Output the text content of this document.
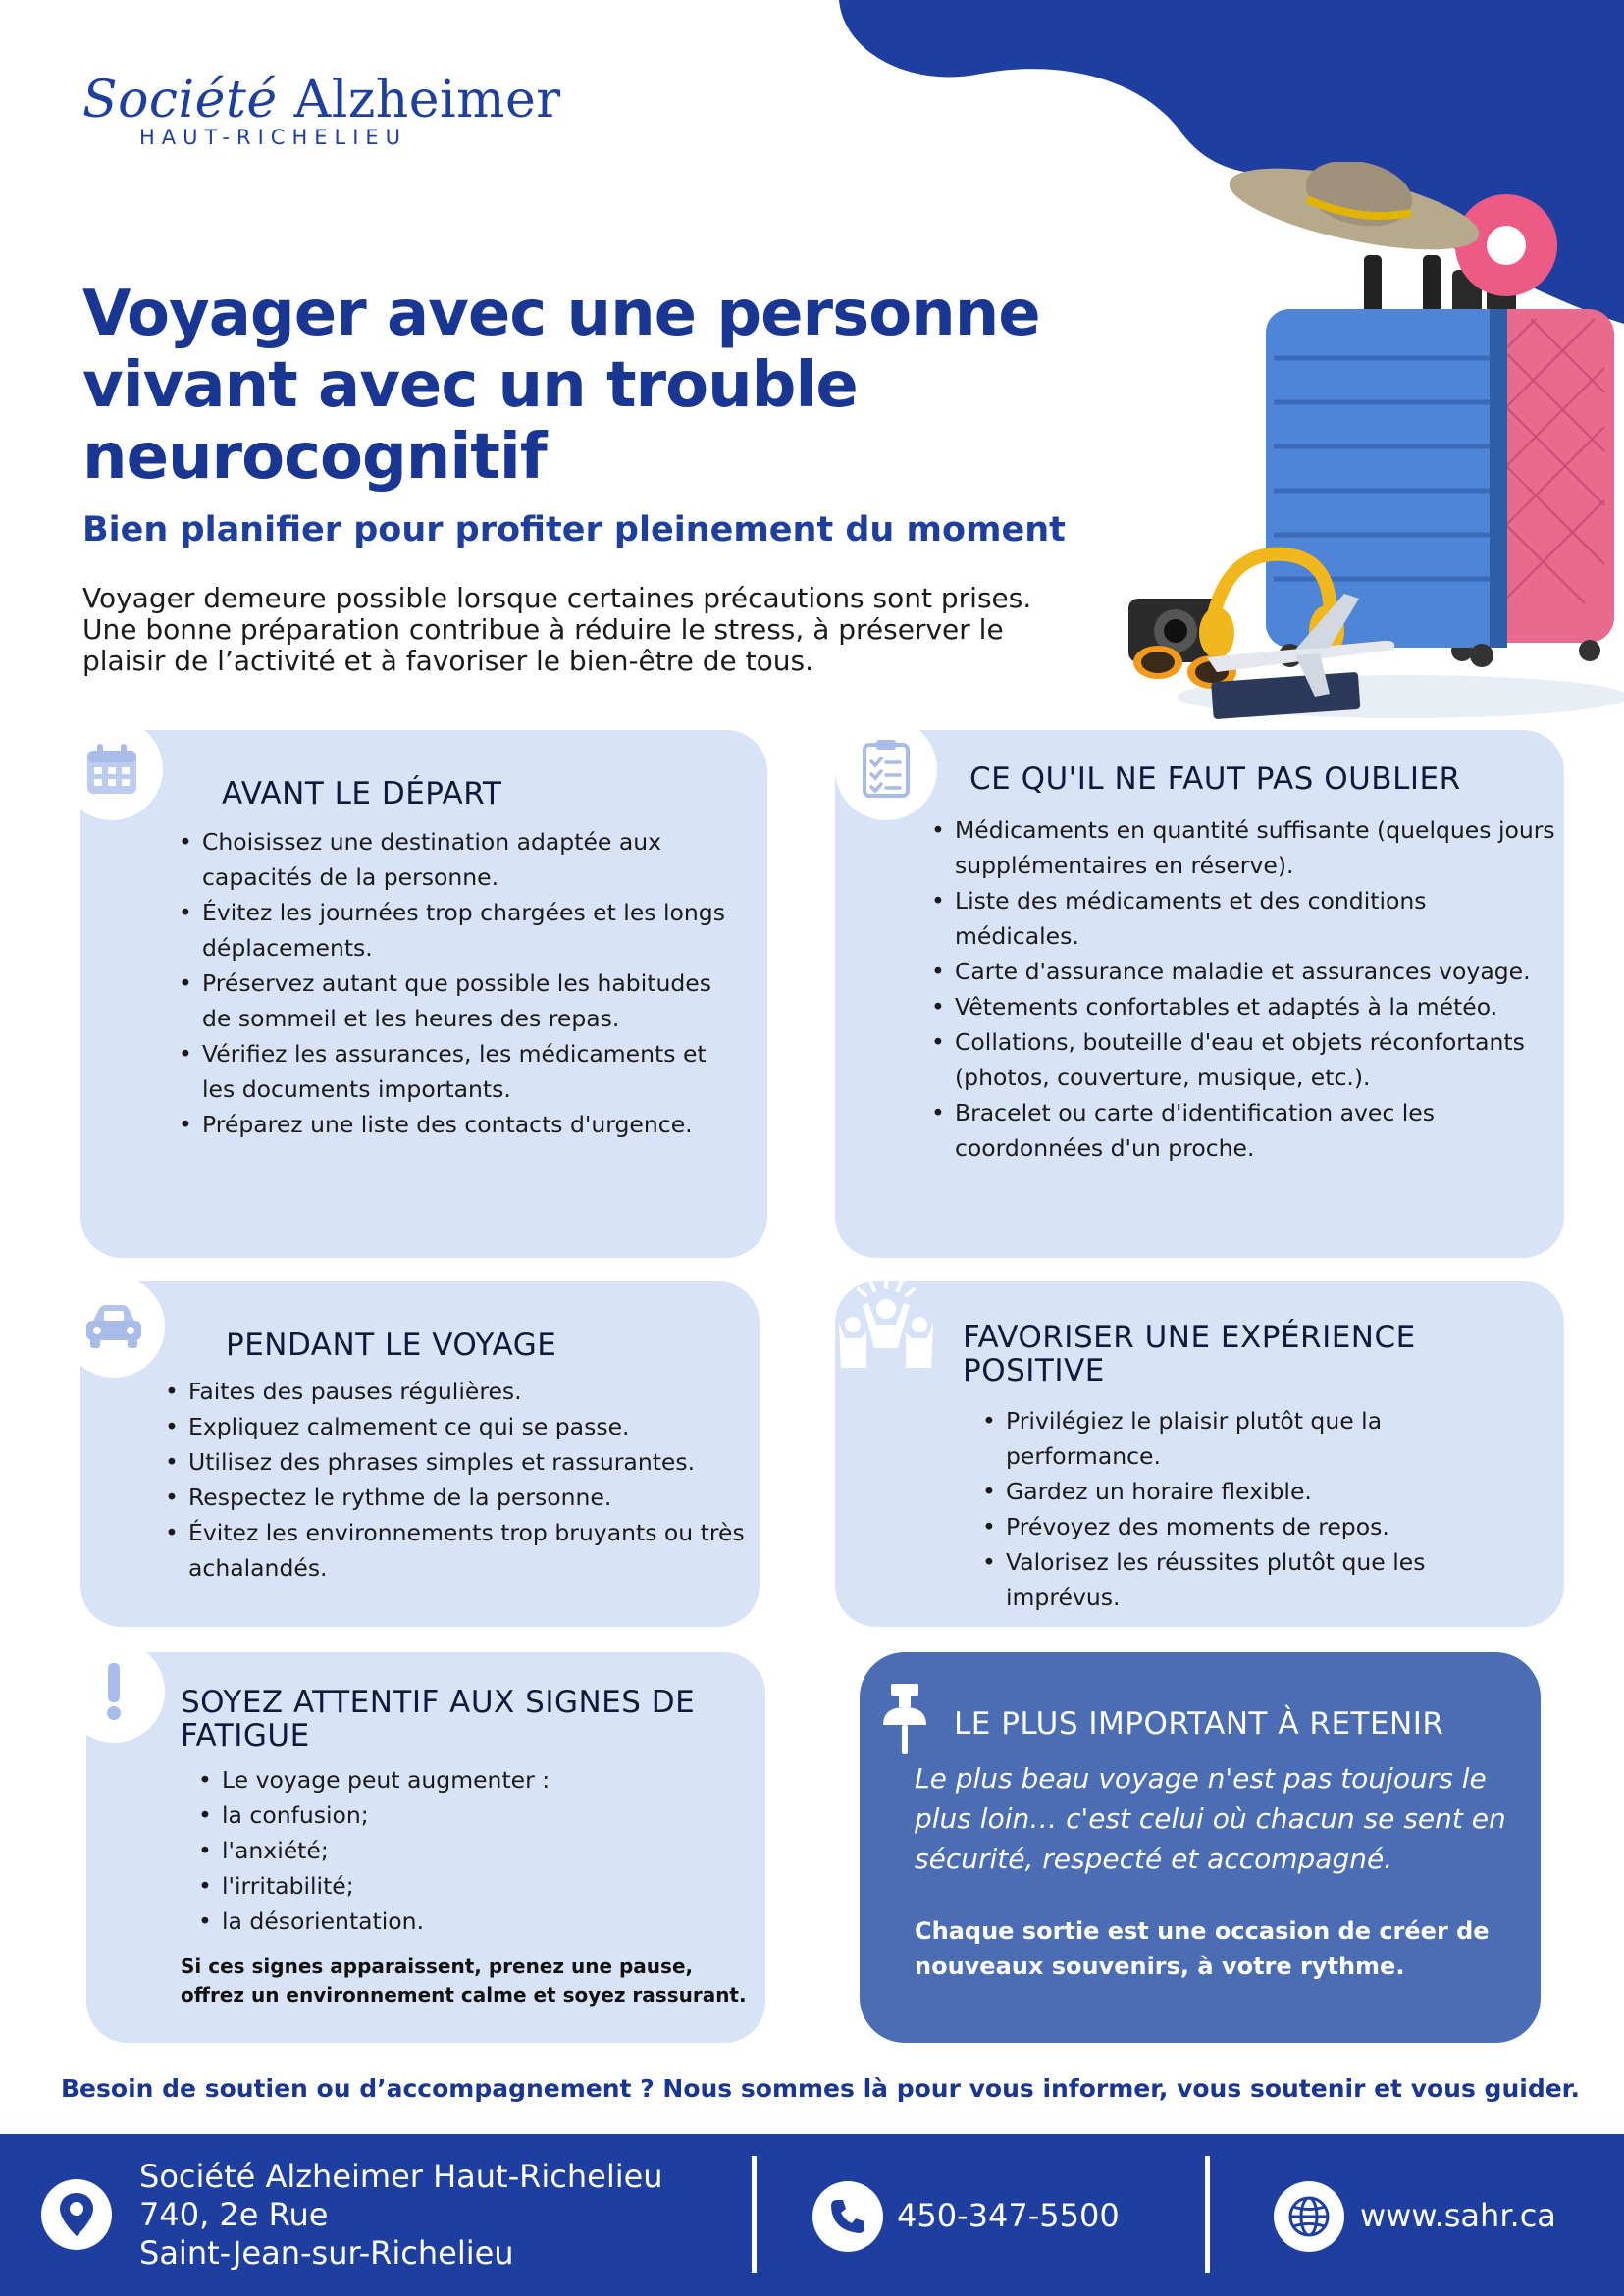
Société Alzheimer
HAUT-RICHELIEU
Voyager avec une personne vivant avec un trouble neurocognitif
Bien planifier pour profiter pleinement du moment
Voyager demeure possible lorsque certaines précautions sont prises. Une bonne préparation contribue à réduire le stress, à préserver le plaisir de l’activité et à favoriser le bien-être de tous.
AVANT LE DÉPART
• Choisissez une destination adaptée aux capacités de la personne.
• Évitez les journées trop chargées et les longs déplacements.
• Préservez autant que possible les habitudes de sommeil et les heures des repas.
• Vérifiez les assurances, les médicaments et les documents importants.
• Préparez une liste des contacts d'urgence.
CE QU'IL NE FAUT PAS OUBLIER
• Médicaments en quantité suffisante (quelques jours supplémentaires en réserve).
• Liste des médicaments et des conditions médicales.
• Carte d'assurance maladie et assurances voyage.
• Vêtements confortables et adaptés à la météo.
• Collations, bouteille d'eau et objets réconfortants (photos, couverture, musique, etc.).
• Bracelet ou carte d'identification avec les coordonnées d'un proche.
PENDANT LE VOYAGE
• Faites des pauses régulières.
• Expliquez calmement ce qui se passe.
• Utilisez des phrases simples et rassurantes.
• Respectez le rythme de la personne.
• Évitez les environnements trop bruyants ou très achalandés.
FAVORISER UNE EXPÉRIENCE POSITIVE
• Privilégiez le plaisir plutôt que la performance.
• Gardez un horaire flexible.
• Prévoyez des moments de repos.
• Valorisez les réussites plutôt que les imprévus.
SOYEZ ATTENTIF AUX SIGNES DE FATIGUE
• Le voyage peut augmenter :
• la confusion;
• l'anxiété;
• l'irritabilité;
• la désorientation.
Si ces signes apparaissent, prenez une pause, offrez un environnement calme et soyez rassurant.
LE PLUS IMPORTANT À RETENIR
Le plus beau voyage n'est pas toujours le plus loin… c'est celui où chacun se sent en sécurité, respecté et accompagné.
Chaque sortie est une occasion de créer de nouveaux souvenirs, à votre rythme.
Besoin de soutien ou d’accompagnement ? Nous sommes là pour vous informer, vous soutenir et vous guider.
Société Alzheimer Haut-Richelieu
740, 2e Rue
Saint-Jean-sur-Richelieu
450-347-5500	www.sahr.ca
